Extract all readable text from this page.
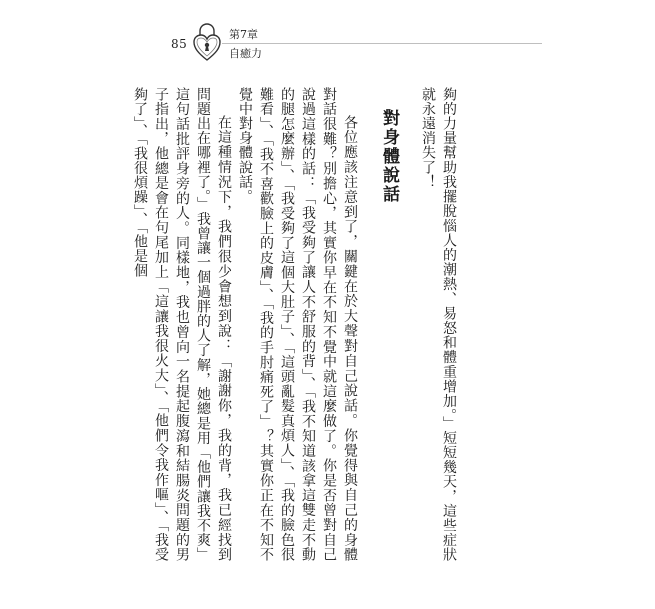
85
第7章
自癒力

夠的力量幫助我擺脫惱人的潮熱、易怒和體重增加。」短短幾天，這些症狀就永遠消失了！

對身體說話

各位應該注意到了，關鍵在於大聲對自己說話。你覺得與自己的身體對話很難？別擔心，其實你早在不知不覺中就這麼做了。你是否曾對自己說過這樣的話：「我受夠了讓人不舒服的背」、「我不知道該拿這雙走不動的腿怎麼辦」、「我受夠了這個大肚子」、「這頭亂髮真煩人」、「我的臉色很難看」、「我不喜歡臉上的皮膚」、「我的手肘痛死了」？其實你正在不知不覺中對身體說話。

在這種情況下，我們很少會想到說：「謝謝你，我的背，我已經找到問題出在哪裡了。」我曾讓一個過胖的人了解，她總是用「他們讓我不爽」這句話批評身旁的人。同樣地，我也曾向一名提起腹瀉和結腸炎問題的男子指出，他總是會在句尾加上「這讓我很火大」、「他們令我作嘔」、「我受夠了」、「我很煩躁」、「他是個
